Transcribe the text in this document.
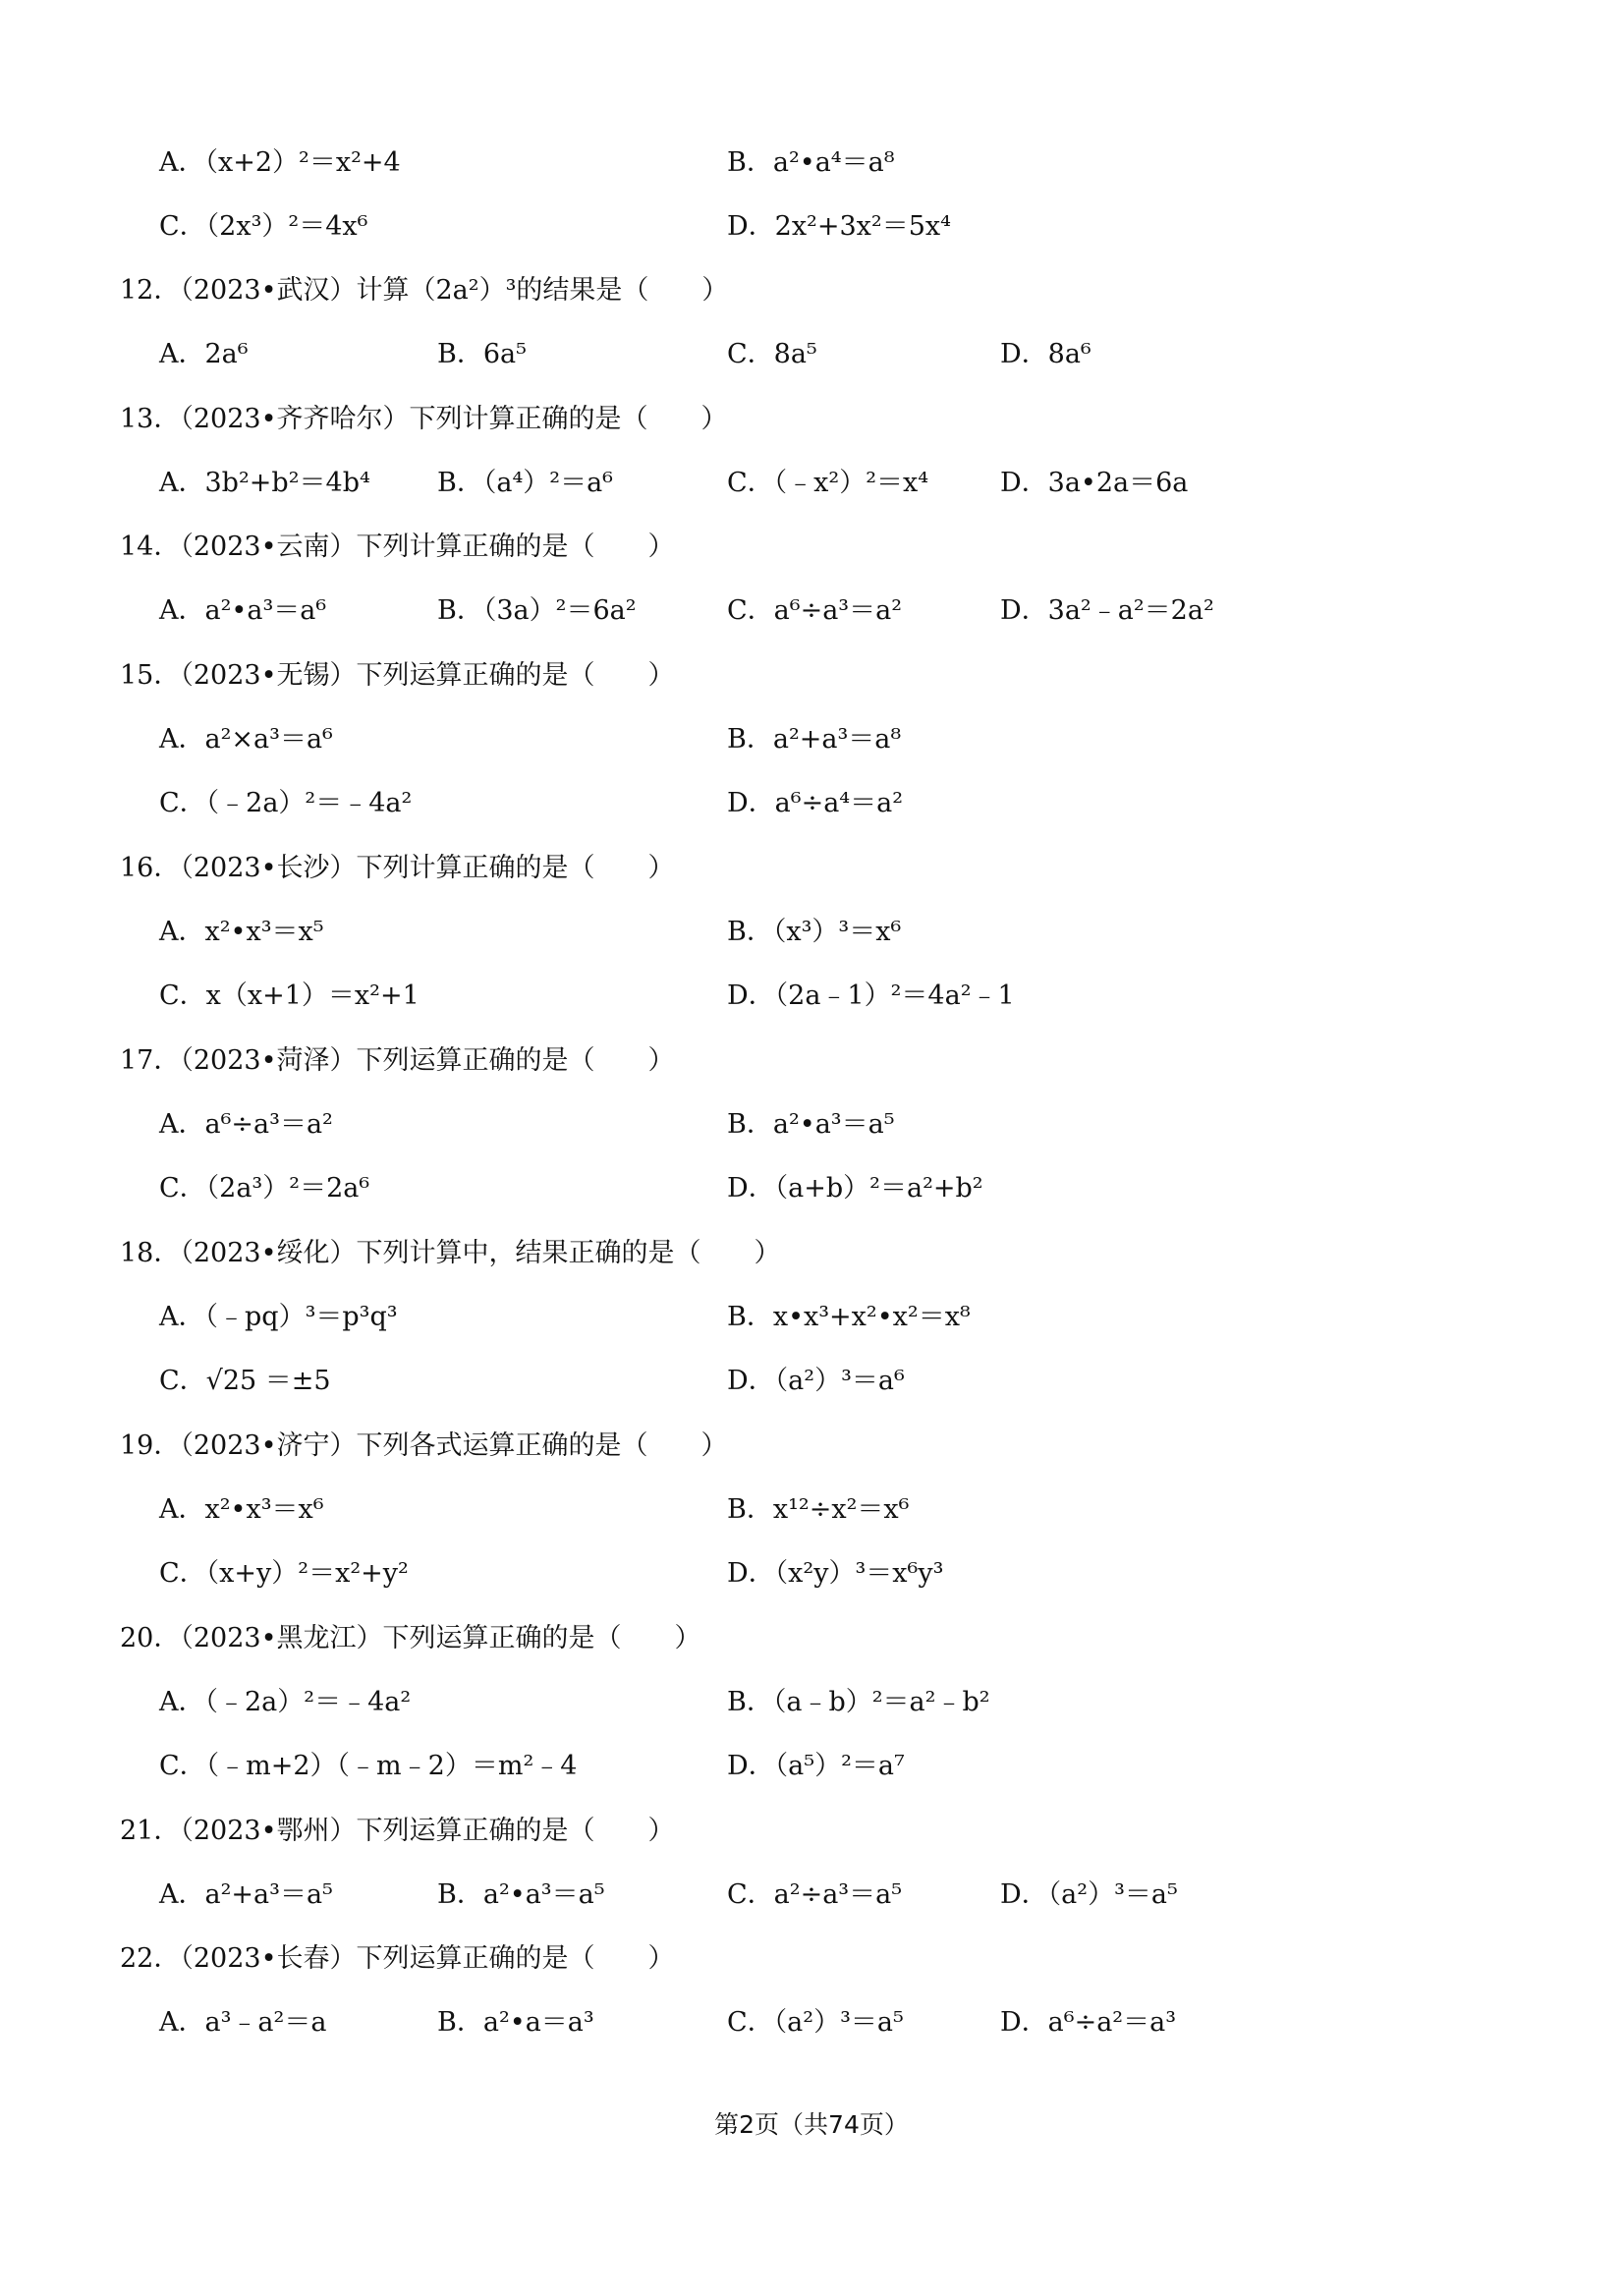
A．（x+2）²＝x²+4	B．a²•a⁴＝a⁸
C．（2x³）²＝4x⁶	D．2x²+3x²＝5x⁴
12．（2023•武汉）计算（2a²）³的结果是（　　）
A．2a⁶	B．6a⁵	C．8a⁵	D．8a⁶
13．（2023•齐齐哈尔）下列计算正确的是（　　）
A．3b²+b²＝4b⁴	B．（a⁴）²＝a⁶	C．（﹣x²）²＝x⁴	D．3a•2a＝6a
14．（2023•云南）下列计算正确的是（　　）
A．a²•a³＝a⁶	B．（3a）²＝6a²	C．a⁶÷a³＝a²	D．3a²﹣a²＝2a²
15．（2023•无锡）下列运算正确的是（　　）
A．a²×a³＝a⁶	B．a²+a³＝a⁸
C．（﹣2a）²＝﹣4a²	D．a⁶÷a⁴＝a²
16．（2023•长沙）下列计算正确的是（　　）
A．x²•x³＝x⁵	B．（x³）³＝x⁶
C．x（x+1）＝x²+1	D．（2a﹣1）²＝4a²﹣1
17．（2023•菏泽）下列运算正确的是（　　）
A．a⁶÷a³＝a²	B．a²•a³＝a⁵
C．（2a³）²＝2a⁶	D．（a+b）²＝a²+b²
18．（2023•绥化）下列计算中，结果正确的是（　　）
A．（﹣pq）³＝p³q³	B．x•x³+x²•x²＝x⁸
C．√25 ＝±5	D．（a²）³＝a⁶
19．（2023•济宁）下列各式运算正确的是（　　）
A．x²•x³＝x⁶	B．x¹²÷x²＝x⁶
C．（x+y）²＝x²+y²	D．（x²y）³＝x⁶y³
20．（2023•黑龙江）下列运算正确的是（　　）
A．（﹣2a）²＝﹣4a²	B．（a﹣b）²＝a²﹣b²
C．（﹣m+2）（﹣m﹣2）＝m²﹣4	D．（a⁵）²＝a⁷
21．（2023•鄂州）下列运算正确的是（　　）
A．a²+a³＝a⁵	B．a²•a³＝a⁵	C．a²÷a³＝a⁵	D．（a²）³＝a⁵
22．（2023•长春）下列运算正确的是（　　）
A．a³﹣a²＝a	B．a²•a＝a³	C．（a²）³＝a⁵	D．a⁶÷a²＝a³
第2页（共74页）
